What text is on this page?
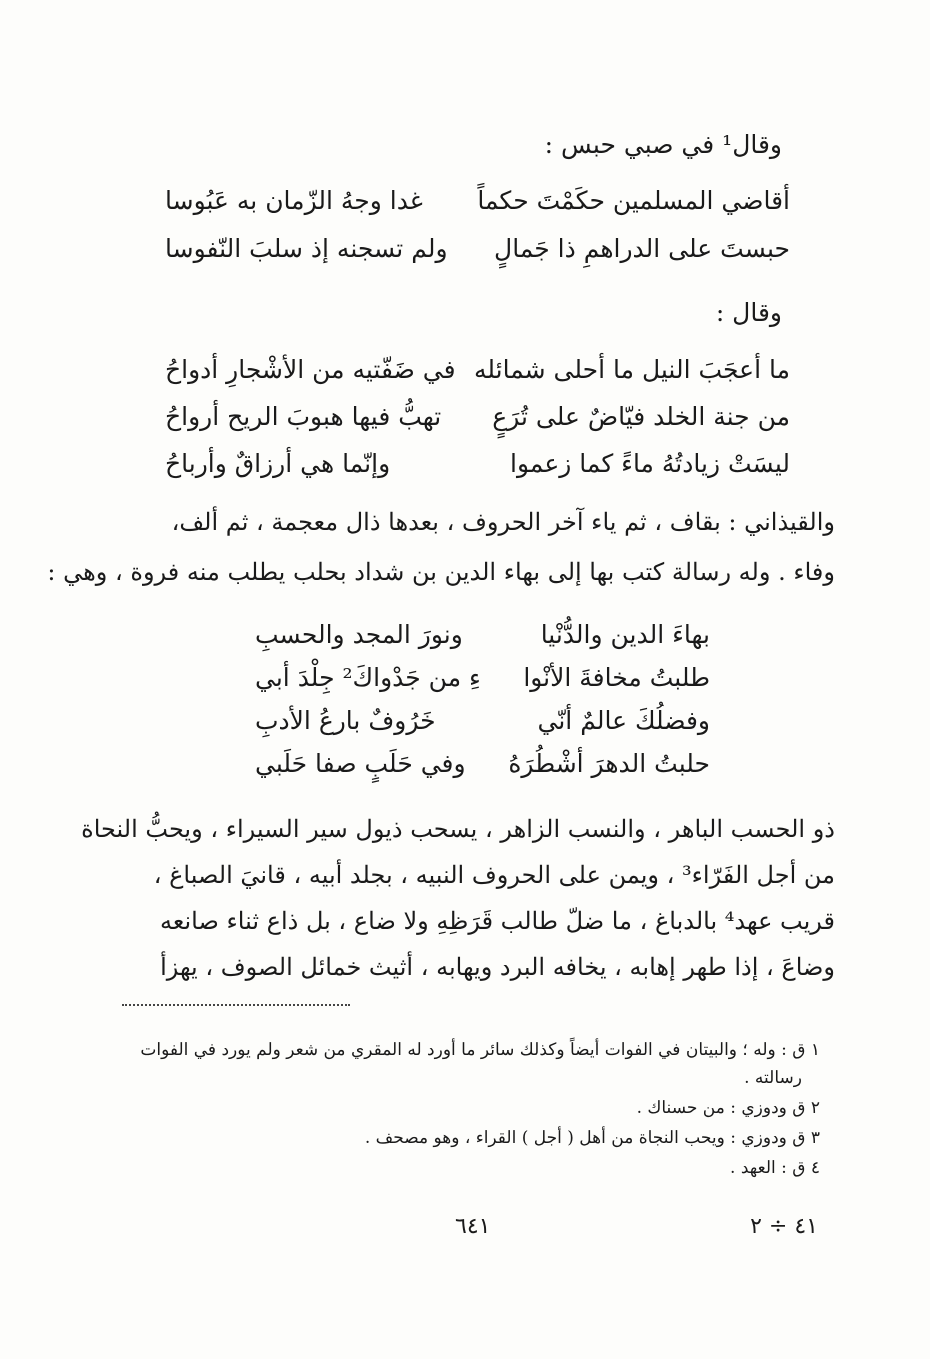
وقال¹ في صبي حبس :
أقاضي المسلمين حكَمْتَ حكماً
غدا وجهُ الزّمان به عَبُوسا
حبستَ على الدراهمِ ذا جَمالٍ
ولم تسجنه إذ سلبَ النّفوسا
وقال :
ما أعجَبَ النيل ما أحلى شمائله
في ضَفّتيه من الأشْجارِ أدواحُ
من جنة الخلد فيّاضٌ على تُرَعٍ
تهبُّ فيها هبوبَ الريح أرواحُ
ليسَتْ زيادتُهُ ماءً كما زعموا
وإنّما هي أرزاقٌ وأرباحُ
والقيذاني : بقاف ، ثم ياء آخر الحروف ، بعدها ذال معجمة ، ثم ألف،
وفاء . وله رسالة كتب بها إلى بهاء الدين بن شداد بحلب يطلب منه فروة ، وهي :
بهاءَ الدين والدُّنْيا
ونورَ المجد والحسبِ
طلبتُ مخافةَ الأنْوا
ءِ من جَدْواكَ² جِلْدَ أبي
وفضلُكَ عالمٌ أنّي
خَرُوفٌ بارعُ الأدبِ
حلبتُ الدهرَ أشْطُرَهُ
وفي حَلَبٍ صفا حَلَبي
ذو الحسب الباهر ، والنسب الزاهر ، يسحب ذيول سير السيراء ، ويحبُّ النحاة
من أجل الفَرّاء³ ، ويمن على الحروف النبيه ، بجلد أبيه ، قانيَ الصباغ ،
قريب عهد⁴ بالدباغ ، ما ضلّ طالب قَرَظِهِ ولا ضاع ، بل ذاع ثناء صانعه
وضاعَ ، إذا طهر إهابه ، يخافه البرد ويهابه ، أثيث خمائل الصوف ، يهزأ
١ ق : وله ؛ والبيتان في الفوات أيضاً وكذلك سائر ما أورد له المقري من شعر ولم يورد في الفوات
رسالته .
٢ ق ودوزي : من حسناك .
٣ ق ودوزي : ويحب النجاة من أهل ( أجل ) القراء ، وهو مصحف .
٤ ق : العهد .
٦٤١	٤١ ÷ ٢
